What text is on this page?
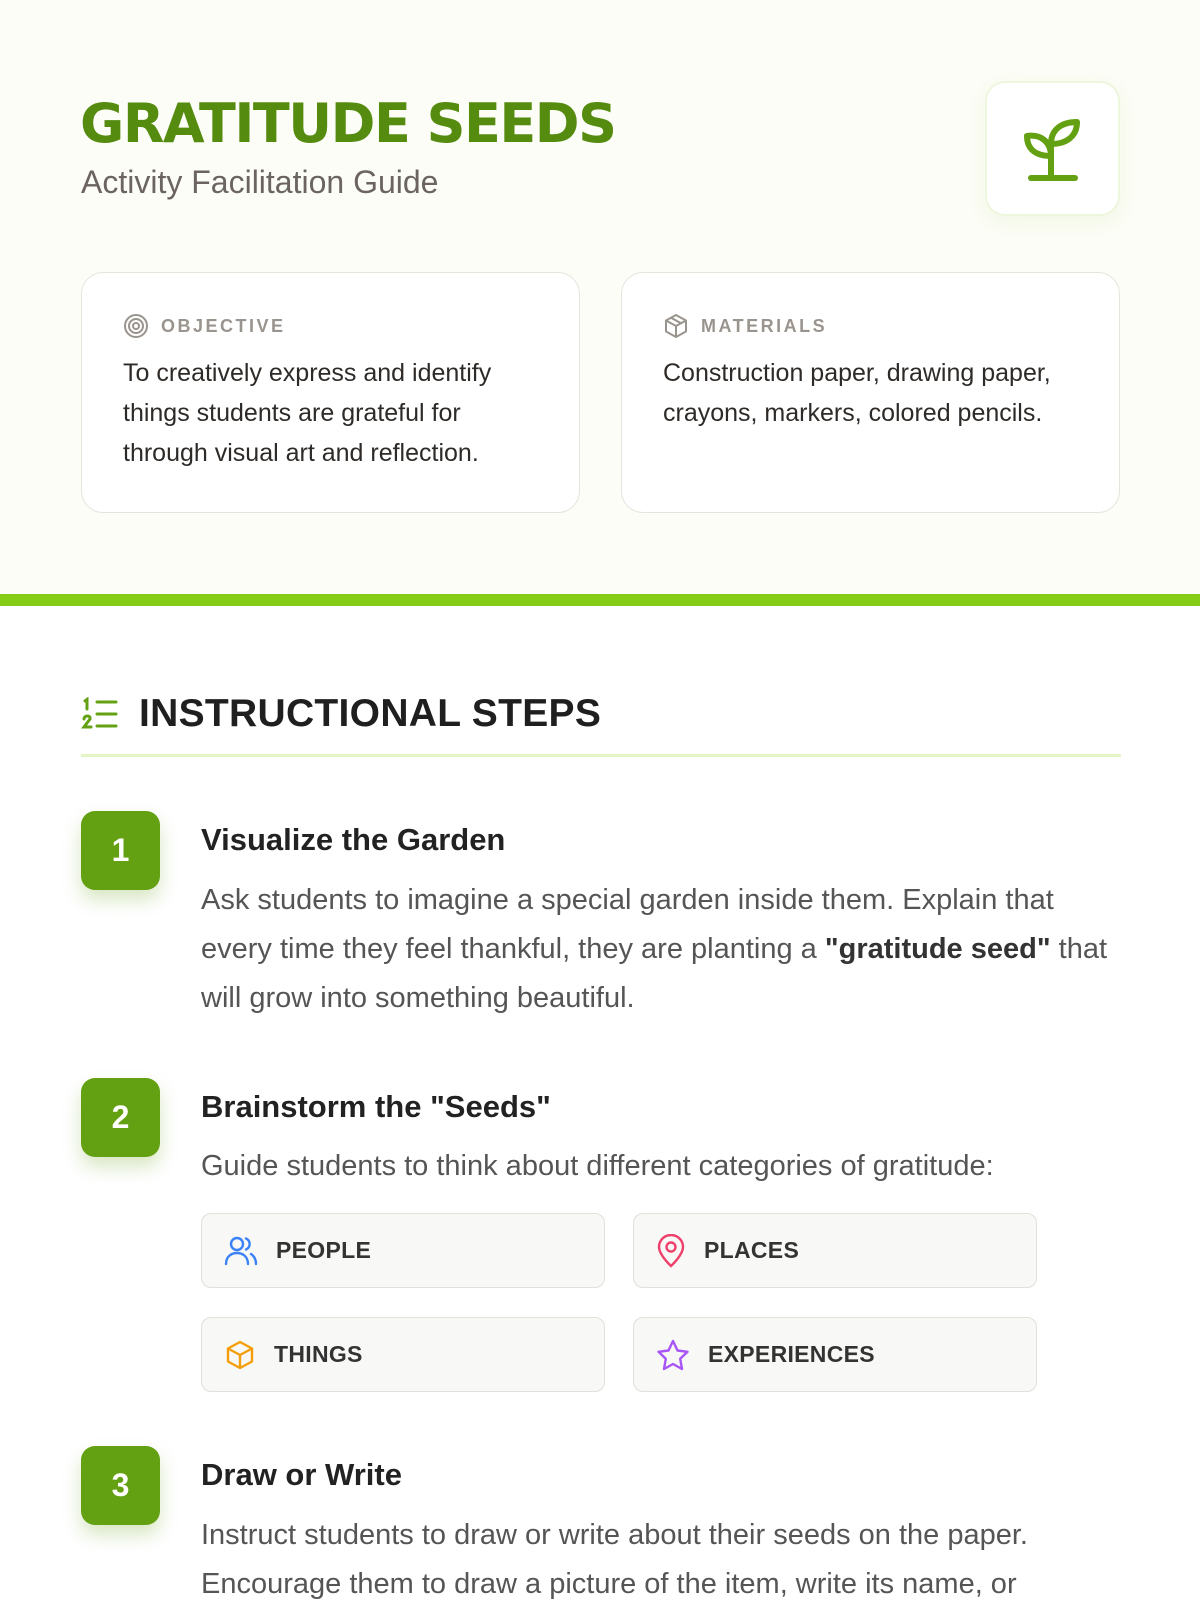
GRATITUDE SEEDS
Activity Facilitation Guide
OBJECTIVE

To creatively express and identify things students are grateful for through visual art and reflection.

MATERIALS

Construction paper, drawing paper, crayons, markers, colored pencils.

INSTRUCTIONAL STEPS
1	Visualize the Garden

Ask students to imagine a special garden inside them. Explain that every time they feel thankful, they are planting a "gratitude seed" that will grow into something beautiful.

2	Brainstorm the "Seeds"

Guide students to think about different categories of gratitude:

PEOPLE	PLACES
THINGS	EXPERIENCES
3	Draw or Write

Instruct students to draw or write about their seeds on the paper. Encourage them to draw a picture of the item, write its name, or
